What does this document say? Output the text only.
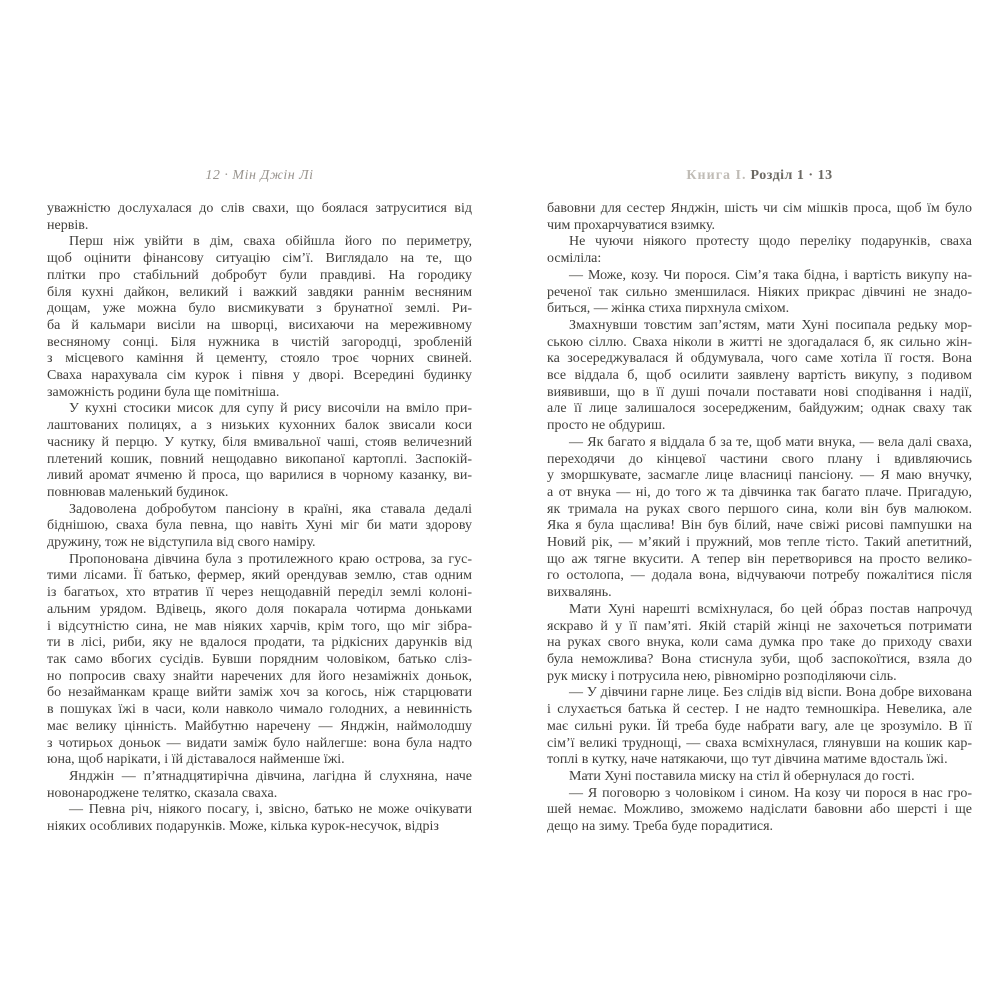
12 · Мін Джін Лі
уважністю дослухалася до слів свахи, що боялася затруситися від
нервів.
Перш ніж увійти в дім, сваха обійшла його по периметру,
щоб оцінити фінансову ситуацію сім’ї. Виглядало на те, що
плітки про стабільний добробут були правдиві. На городику
біля кухні дайкон, великий і важкий завдяки раннім весняним
дощам, уже можна було висмикувати з брунатної землі. Ри-
ба й кальмари висіли на шворці, висихаючи на мереживному
весняному сонці. Біля нужника в чистій загородці, зробленій
з місцевого каміння й цементу, стояло троє чорних свиней.
Сваха нарахувала сім курок і півня у дворі. Всередині будинку
заможність родини була ще помітніша.
У кухні стосики мисок для супу й рису височіли на вміло при-
лаштованих полицях, а з низьких кухонних балок звисали коси
часнику й перцю. У кутку, біля вмивальної чаші, стояв величезний
плетений кошик, повний нещодавно викопаної картоплі. Заспокій-
ливий аромат ячменю й проса, що варилися в чорному казанку, ви-
повнював маленький будинок.
Задоволена добробутом пансіону в країні, яка ставала дедалі
біднішою, сваха була певна, що навіть Хуні міг би мати здорову
дружину, тож не відступила від свого наміру.
Пропонована дівчина була з протилежного краю острова, за гус-
тими лісами. Її батько, фермер, який орендував землю, став одним
із багатьох, хто втратив її через нещодавній переділ землі колоні-
альним урядом. Вдівець, якого доля покарала чотирма доньками
і відсутністю сина, не мав ніяких харчів, крім того, що міг зібра-
ти в лісі, риби, яку не вдалося продати, та рідкісних дарунків від
так само вбогих сусідів. Бувши порядним чоловіком, батько сліз-
но попросив сваху знайти наречених для його незаміжніх доньок,
бо незайманкам краще вийти заміж хоч за когось, ніж старцювати
в пошуках їжі в часи, коли навколо чимало голодних, а невинність
має велику цінність. Майбутню наречену — Янджін, наймолодшу
з чотирьох доньок — видати заміж було найлегше: вона була надто
юна, щоб нарікати, і їй діставалося найменше їжі.
Янджін — п’ятнадцятирічна дівчина, лагідна й слухняна, наче
новонароджене телятко, сказала сваха.
— Певна річ, ніякого посагу, і, звісно, батько не може очікувати
ніяких особливих подарунків. Може, кілька курок-несучок, відріз
Книга І. Розділ 1 · 13
бавовни для сестер Янджін, шість чи сім мішків проса, щоб їм було
чим прохарчуватися взимку.
Не чуючи ніякого протесту щодо переліку подарунків, сваха
осміліла:
— Може, козу. Чи порося. Сім’я така бідна, і вартість викупу на-
реченої так сильно зменшилася. Ніяких прикрас дівчині не знадо-
биться, — жінка стиха пирхнула сміхом.
Змахнувши товстим зап’ястям, мати Хуні посипала редьку мор-
ською сіллю. Сваха ніколи в житті не здогадалася б, як сильно жін-
ка зосереджувалася й обдумувала, чого саме хотіла її гостя. Вона
все віддала б, щоб осилити заявлену вартість викупу, з подивом
виявивши, що в її душі почали поставати нові сподівання і надії,
але її лице залишалося зосередженим, байдужим; однак сваху так
просто не обдуриш.
— Як багато я віддала б за те, щоб мати внука, — вела далі сваха,
переходячи до кінцевої частини свого плану і вдивляючись
у зморшкувате, засмагле лице власниці пансіону. — Я маю внучку,
а от внука — ні, до того ж та дівчинка так багато плаче. Пригадую,
як тримала на руках свого першого сина, коли він був малюком.
Яка я була щаслива! Він був білий, наче свіжі рисові пампушки на
Новий рік, — м’який і пружний, мов тепле тісто. Такий апетитний,
що аж тягне вкусити. А тепер він перетворився на просто велико-
го остолопа, — додала вона, відчуваючи потребу пожалітися після
вихвалянь.
Мати Хуні нарешті всміхнулася, бо цей о́браз постав напрочуд
яскраво й у її пам’яті. Якій старій жінці не захочеться потримати
на руках свого внука, коли сама думка про таке до приходу свахи
була неможлива? Вона стиснула зуби, щоб заспокоїтися, взяла до
рук миску і потрусила нею, рівномірно розподіляючи сіль.
— У дівчини гарне лице. Без слідів від віспи. Вона добре вихована
і слухається батька й сестер. І не надто темношкіра. Невелика, але
має сильні руки. Їй треба буде набрати вагу, але це зрозуміло. В її
сім’ї великі труднощі, — сваха всміхнулася, глянувши на кошик кар-
топлі в кутку, наче натякаючи, що тут дівчина матиме вдосталь їжі.
Мати Хуні поставила миску на стіл й обернулася до гості.
— Я поговорю з чоловіком і сином. На козу чи порося в нас гро-
шей немає. Можливо, зможемо надіслати бавовни або шерсті і ще
дещо на зиму. Треба буде порадитися.
